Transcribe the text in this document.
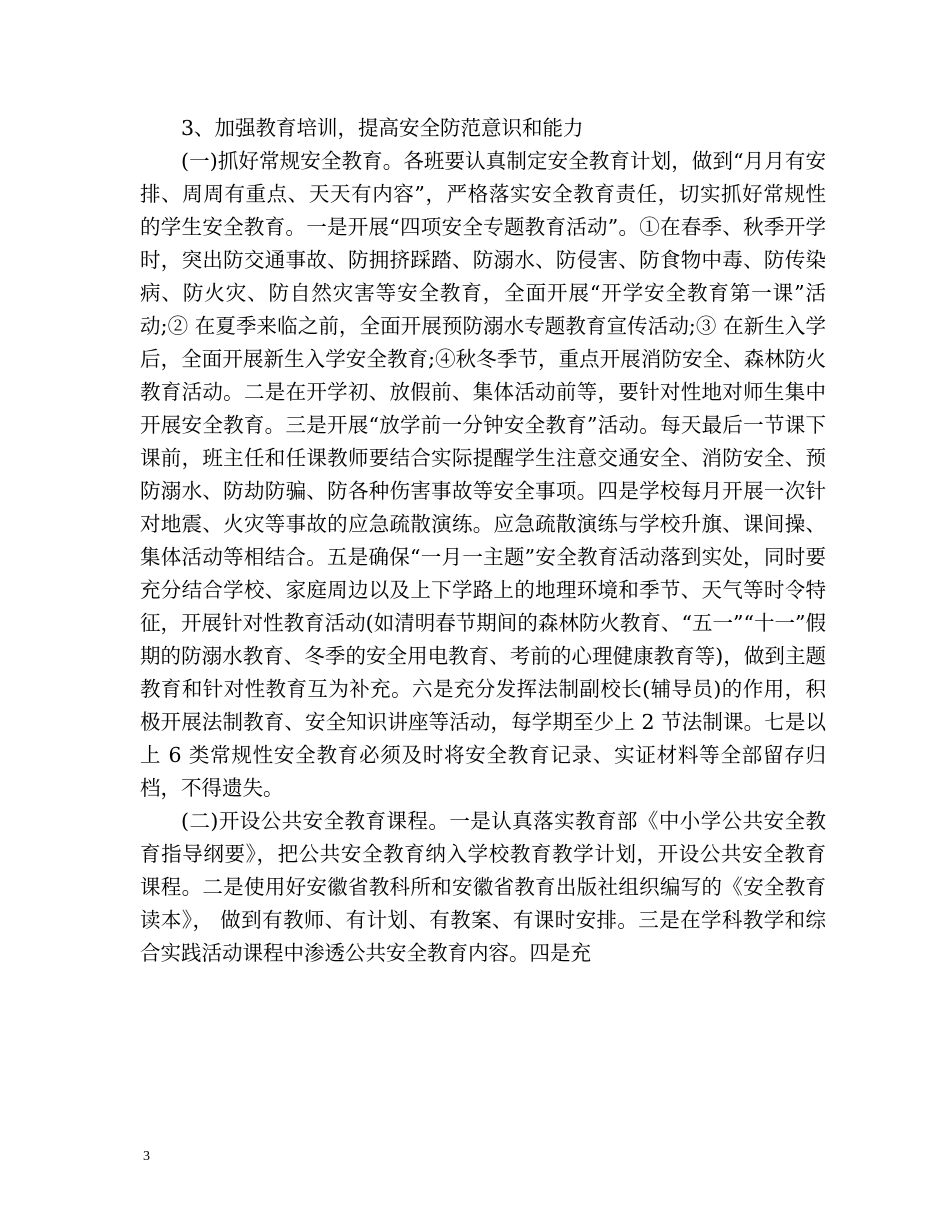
3、加强教育培训，提高安全防范意识和能力

(一)抓好常规安全教育。各班要认真制定安全教育计划，做到“月月有安排、周周有重点、天天有内容”，严格落实安全教育责任，切实抓好常规性的学生安全教育。一是开展“四项安全专题教育活动”。①在春季、秋季开学时，突出防交通事故、防拥挤踩踏、防溺水、防侵害、防食物中毒、防传染病、防火灾、防自然灾害等安全教育，全面开展“开学安全教育第一课”活动;② 在夏季来临之前，全面开展预防溺水专题教育宣传活动;③ 在新生入学后，全面开展新生入学安全教育;④秋冬季节，重点开展消防安全、森林防火教育活动。二是在开学初、放假前、集体活动前等，要针对性地对师生集中开展安全教育。三是开展“放学前一分钟安全教育”活动。每天最后一节课下课前，班主任和任课教师要结合实际提醒学生注意交通安全、消防安全、预防溺水、防劫防骗、防各种伤害事故等安全事项。四是学校每月开展一次针对地震、火灾等事故的应急疏散演练。应急疏散演练与学校升旗、课间操、集体活动等相结合。五是确保“一月一主题”安全教育活动落到实处，同时要充分结合学校、家庭周边以及上下学路上的地理环境和季节、天气等时令特征，开展针对性教育活动(如清明春节期间的森林防火教育、“五一”“十一”假期的防溺水教育、冬季的安全用电教育、考前的心理健康教育等)，做到主题教育和针对性教育互为补充。六是充分发挥法制副校长(辅导员)的作用，积极开展法制教育、安全知识讲座等活动，每学期至少上 2 节法制课。七是以上 6 类常规性安全教育必须及时将安全教育记录、实证材料等全部留存归档，不得遗失。

(二)开设公共安全教育课程。一是认真落实教育部《中小学公共安全教育指导纲要》，把公共安全教育纳入学校教育教学计划，开设公共安全教育课程。二是使用好安徽省教科所和安徽省教育出版社组织编写的《安全教育读本》， 做到有教师、有计划、有教案、有课时安排。三是在学科教学和综合实践活动课程中渗透公共安全教育内容。四是充

3
